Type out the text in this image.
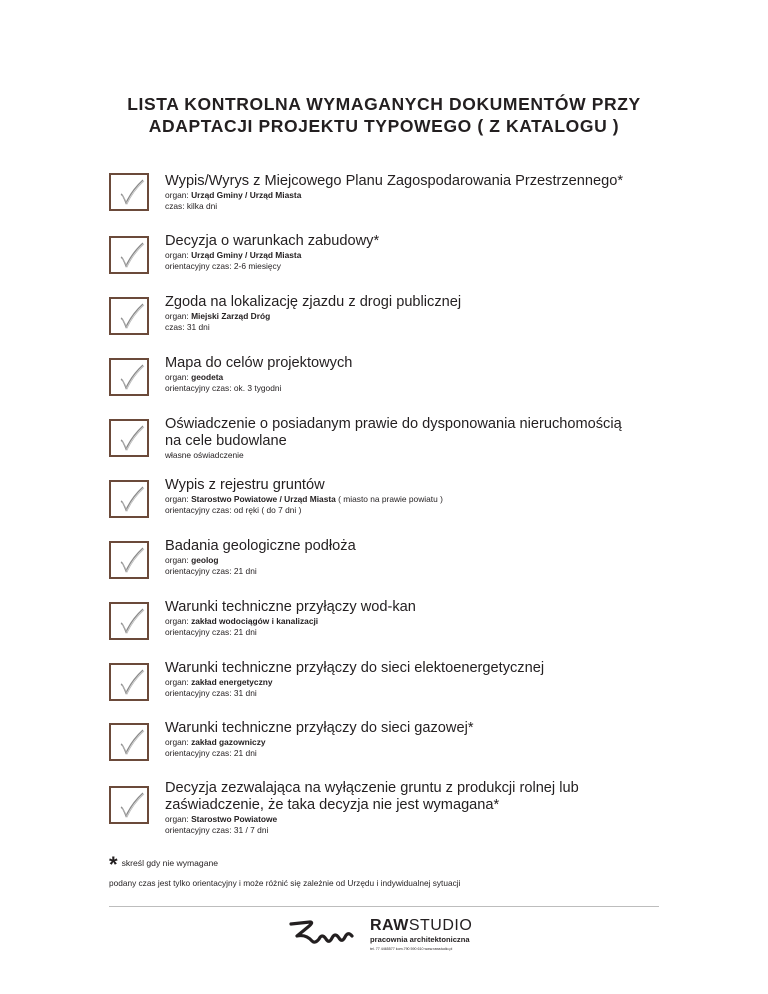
LISTA KONTROLNA WYMAGANYCH DOKUMENTÓW PRZY
ADAPTACJI PROJEKTU TYPOWEGO ( Z KATALOGU )
Wypis/Wyrys z Miejcowego Planu Zagospodarowania Przestrzennego*
organ: Urząd Gminy / Urząd Miasta
czas: kilka dni
Decyzja o warunkach zabudowy*
organ: Urząd Gminy / Urząd Miasta
orientacyjny czas: 2-6 miesięcy
Zgoda na lokalizację zjazdu z drogi publicznej
organ: Miejski Zarząd Dróg
czas: 31 dni
Mapa do celów projektowych
organ: geodeta
orientacyjny czas: ok. 3 tygodni
Oświadczenie o posiadanym prawie do dysponowania nieruchomością
na cele budowlane
własne oświadczenie
Wypis z rejestru gruntów
organ: Starostwo Powiatowe / Urząd Miasta ( miasto na prawie powiatu )
orientacyjny czas: od ręki ( do 7 dni )
Badania geologiczne podłoża
organ: geolog
orientacyjny czas: 21 dni
Warunki techniczne przyłączy wod-kan
organ: zakład wodociągów i kanalizacji
orientacyjny czas: 21 dni
Warunki techniczne przyłączy do sieci elektoenergetycznej
organ: zakład energetyczny
orientacyjny czas: 31 dni
Warunki techniczne przyłączy do sieci gazowej*
organ: zakład gazowniczy
orientacyjny czas: 21 dni
Decyzja zezwalająca na wyłączenie gruntu z produkcji rolnej lub
zaświadczenie, że taka decyzja nie jest wymagana*
organ: Starostwo Powiatowe
orientacyjny czas: 31 / 7 dni
* skreśl gdy nie wymagane
podany czas jest tylko orientacyjny i może różnić się zależnie od Urzędu i indywidualnej sytuacji
RAWSTUDIO
pracownia architektoniczna
tel. 77 4465577 kom.790 590 610 www.rawstudio.pl
